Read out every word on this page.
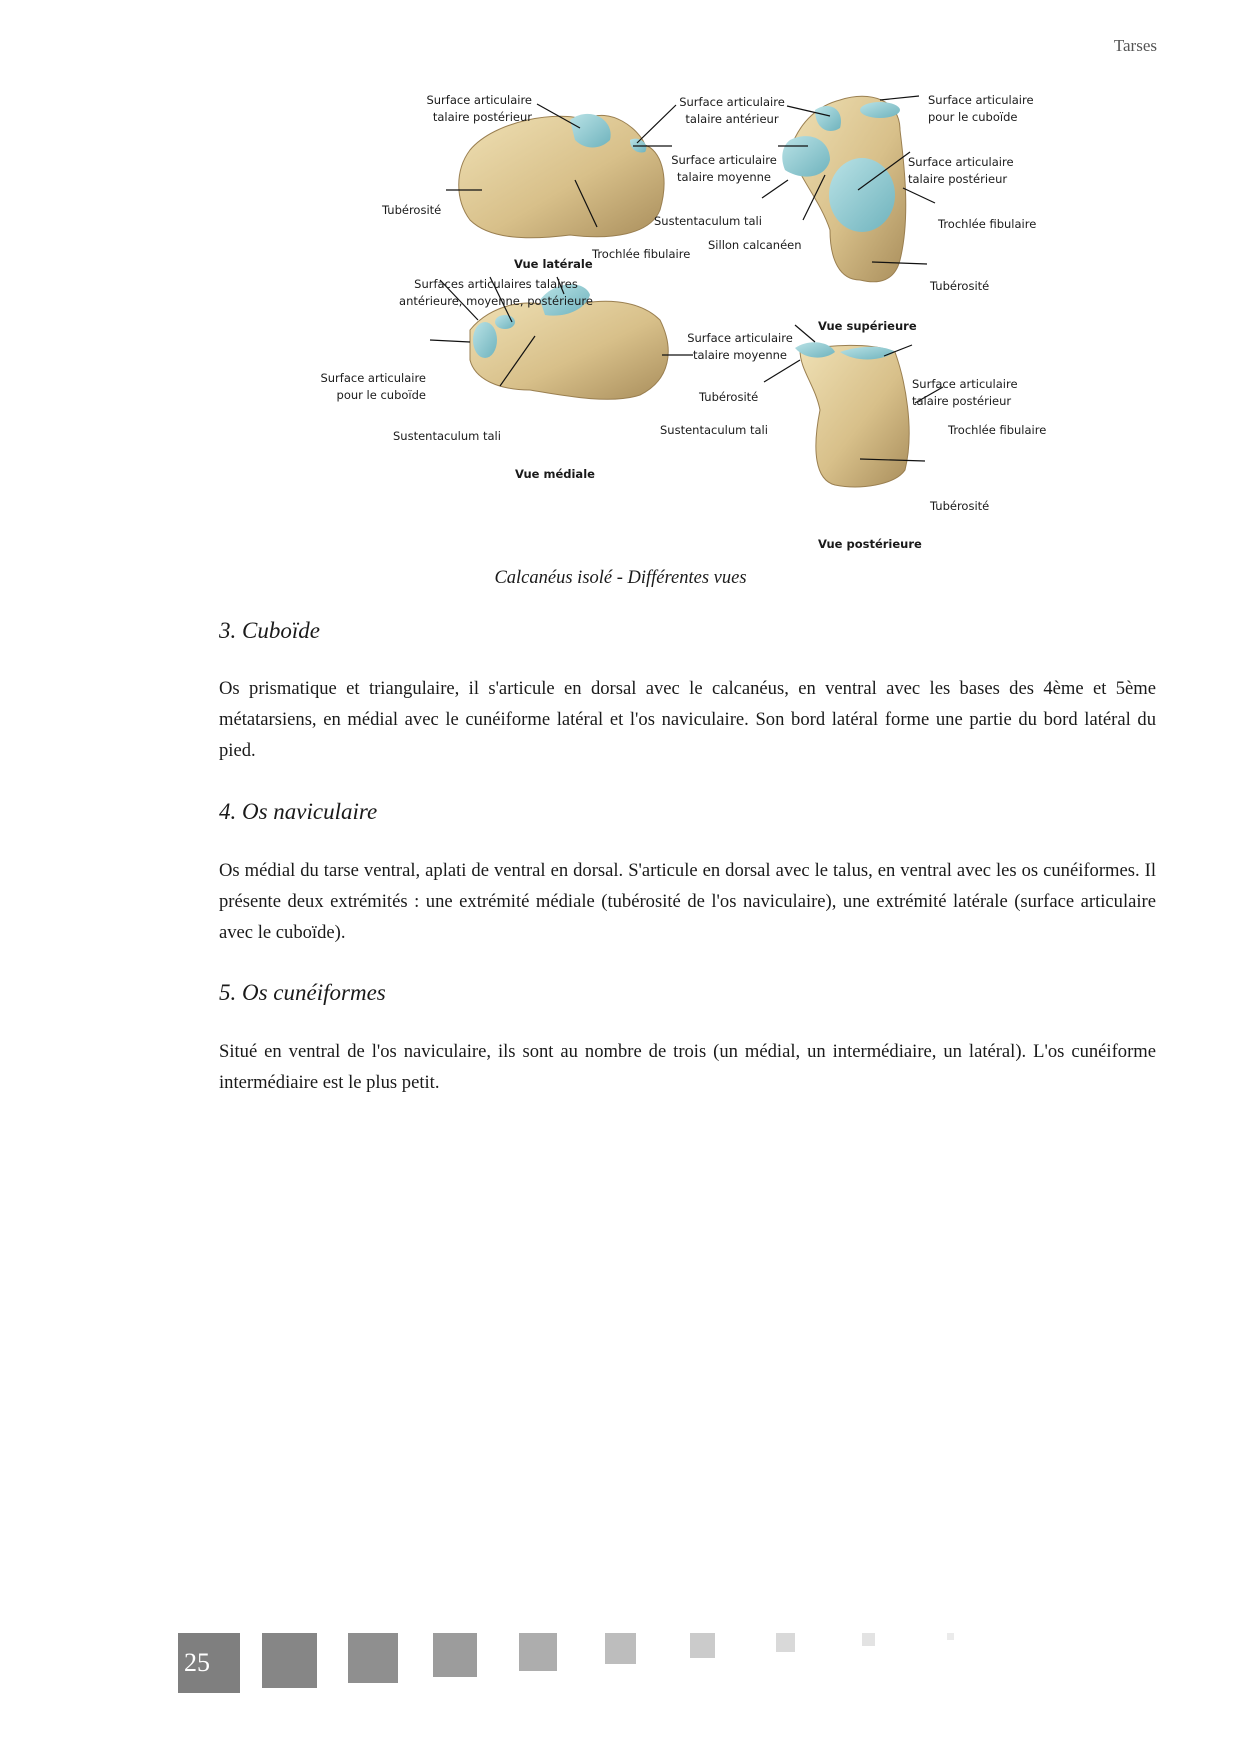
Tarses
Surface articulaire
talaire postérieur
Surface articulaire
talaire antérieur
Surface articulaire
talaire moyenne
Tubérosité
Trochlée fibulaire
Vue latérale
Surface articulaire
pour le cuboïde
Surface articulaire
talaire postérieur
Sustentaculum tali
Sillon calcanéen
Trochlée fibulaire
Tubérosité
Vue supérieure
Surfaces articulaires talaires
antérieure, moyenne, postérieure
Surface articulaire
pour le cuboïde
Sustentaculum tali
Tubérosité
Vue médiale
Surface articulaire
talaire moyenne
Sustentaculum tali
Surface articulaire
talaire postérieur
Trochlée fibulaire
Tubérosité
Vue postérieure
Calcanéus isolé - Différentes vues
3. Cuboïde
Os prismatique et triangulaire, il s'articule en dorsal avec le calcanéus, en ventral avec les bases des 4ème et 5ème métatarsiens, en médial avec le cunéiforme latéral et l'os naviculaire. Son bord latéral forme une partie du bord latéral du pied.
4. Os naviculaire
Os médial du tarse ventral, aplati de ventral en dorsal. S'articule en dorsal avec le talus, en ventral avec les os cunéiformes. Il présente deux extrémités : une extrémité médiale (tubérosité de l'os naviculaire), une extrémité latérale (surface articulaire avec le cuboïde).
5. Os cunéiformes
Situé en ventral de l'os naviculaire, ils sont au nombre de trois (un médial, un intermédiaire, un latéral). L'os cunéiforme intermédiaire est le plus petit.
25
